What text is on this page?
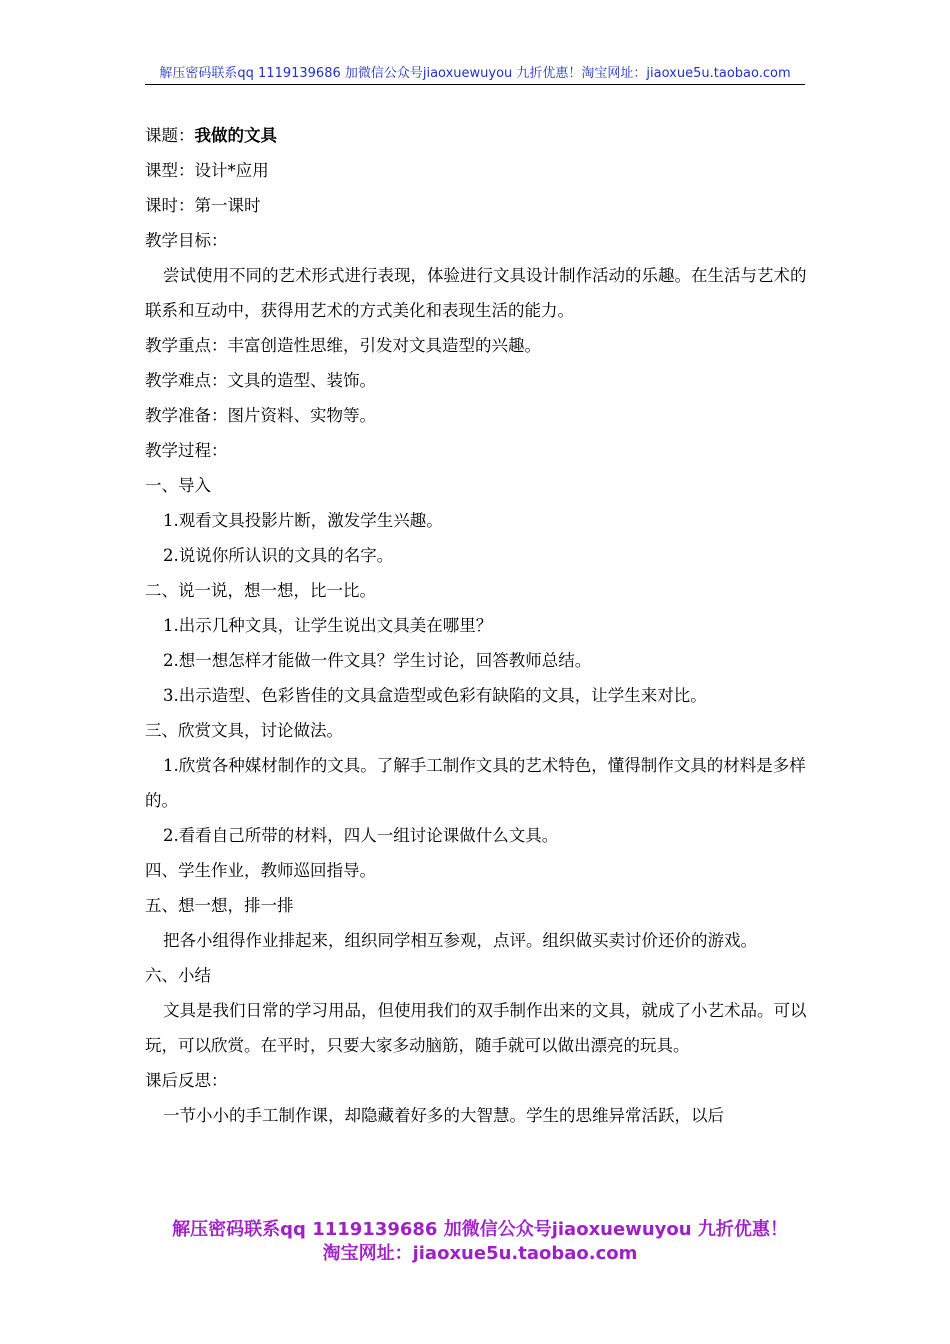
解压密码联系qq 1119139686 加微信公众号jiaoxuewuyou 九折优惠！淘宝网址：jiaoxue5u.taobao.com

课题：我做的文具

课型：设计*应用

课时：第一课时

教学目标：

尝试使用不同的艺术形式进行表现，体验进行文具设计制作活动的乐趣。在生活与艺术的联系和互动中，获得用艺术的方式美化和表现生活的能力。

教学重点：丰富创造性思维，引发对文具造型的兴趣。

教学难点：文具的造型、装饰。

教学准备：图片资料、实物等。

教学过程：

一、导入

1.观看文具投影片断，激发学生兴趣。

2.说说你所认识的文具的名字。

二、说一说，想一想，比一比。

1.出示几种文具，让学生说出文具美在哪里？

2.想一想怎样才能做一件文具？学生讨论，回答教师总结。

3.出示造型、色彩皆佳的文具盒造型或色彩有缺陷的文具，让学生来对比。

三、欣赏文具，讨论做法。

1.欣赏各种媒材制作的文具。了解手工制作文具的艺术特色，懂得制作文具的材料是多样的。

2.看看自己所带的材料，四人一组讨论课做什么文具。

四、学生作业，教师巡回指导。

五、想一想，排一排

把各小组得作业排起来，组织同学相互参观，点评。组织做买卖讨价还价的游戏。

六、小结

文具是我们日常的学习用品，但使用我们的双手制作出来的文具，就成了小艺术品。可以玩，可以欣赏。在平时，只要大家多动脑筋，随手就可以做出漂亮的玩具。

课后反思：

一节小小的手工制作课，却隐藏着好多的大智慧。学生的思维异常活跃，以后

解压密码联系qq 1119139686 加微信公众号jiaoxuewuyou 九折优惠！
淘宝网址：jiaoxue5u.taobao.com
